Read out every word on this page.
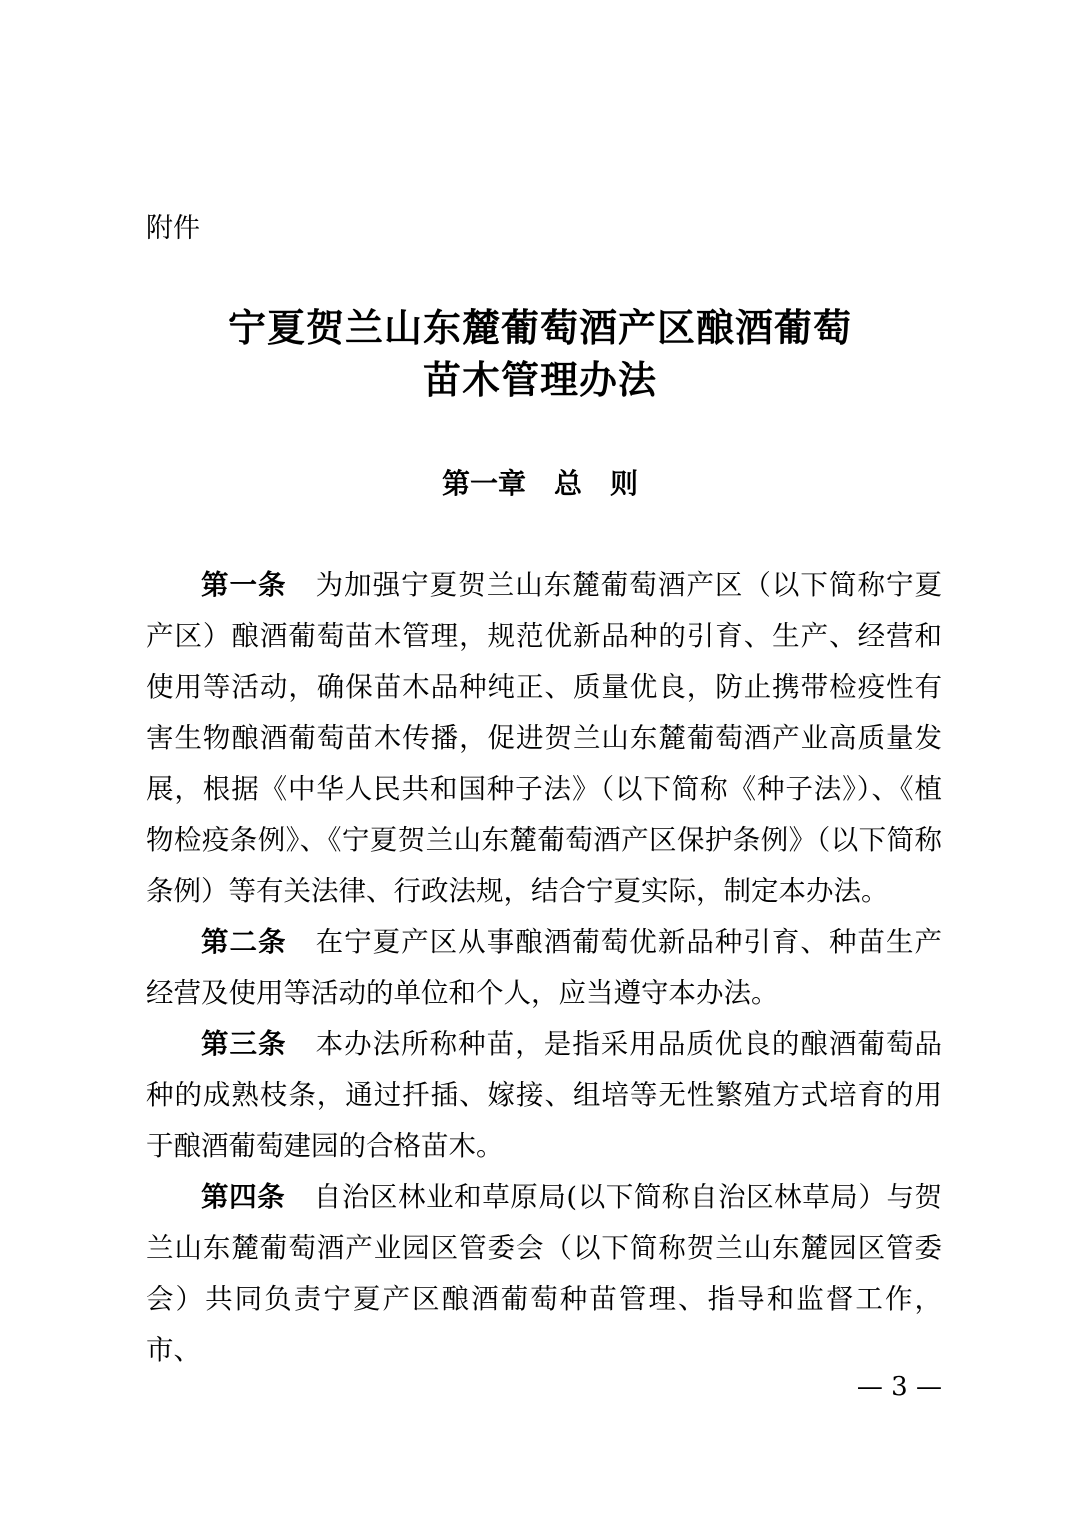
附件
宁夏贺兰山东麓葡萄酒产区酿酒葡萄
苗木管理办法
第一章　总　则

第一条 为加强宁夏贺兰山东麓葡萄酒产区（以下简称宁夏产区）酿酒葡萄苗木管理，规范优新品种的引育、生产、经营和使用等活动，确保苗木品种纯正、质量优良，防止携带检疫性有害生物酿酒葡萄苗木传播，促进贺兰山东麓葡萄酒产业高质量发展，根据《中华人民共和国种子法》（以下简称《种子法》）、《植物检疫条例》、《宁夏贺兰山东麓葡萄酒产区保护条例》（以下简称条例）等有关法律、行政法规，结合宁夏实际，制定本办法。

第二条 在宁夏产区从事酿酒葡萄优新品种引育、种苗生产经营及使用等活动的单位和个人，应当遵守本办法。

第三条 本办法所称种苗，是指采用品质优良的酿酒葡萄品种的成熟枝条，通过扦插、嫁接、组培等无性繁殖方式培育的用于酿酒葡萄建园的合格苗木。

第四条 自治区林业和草原局(以下简称自治区林草局）与贺兰山东麓葡萄酒产业园区管委会（以下简称贺兰山东麓园区管委会）共同负责宁夏产区酿酒葡萄种苗管理、指导和监督工作，市、

— 3 —
